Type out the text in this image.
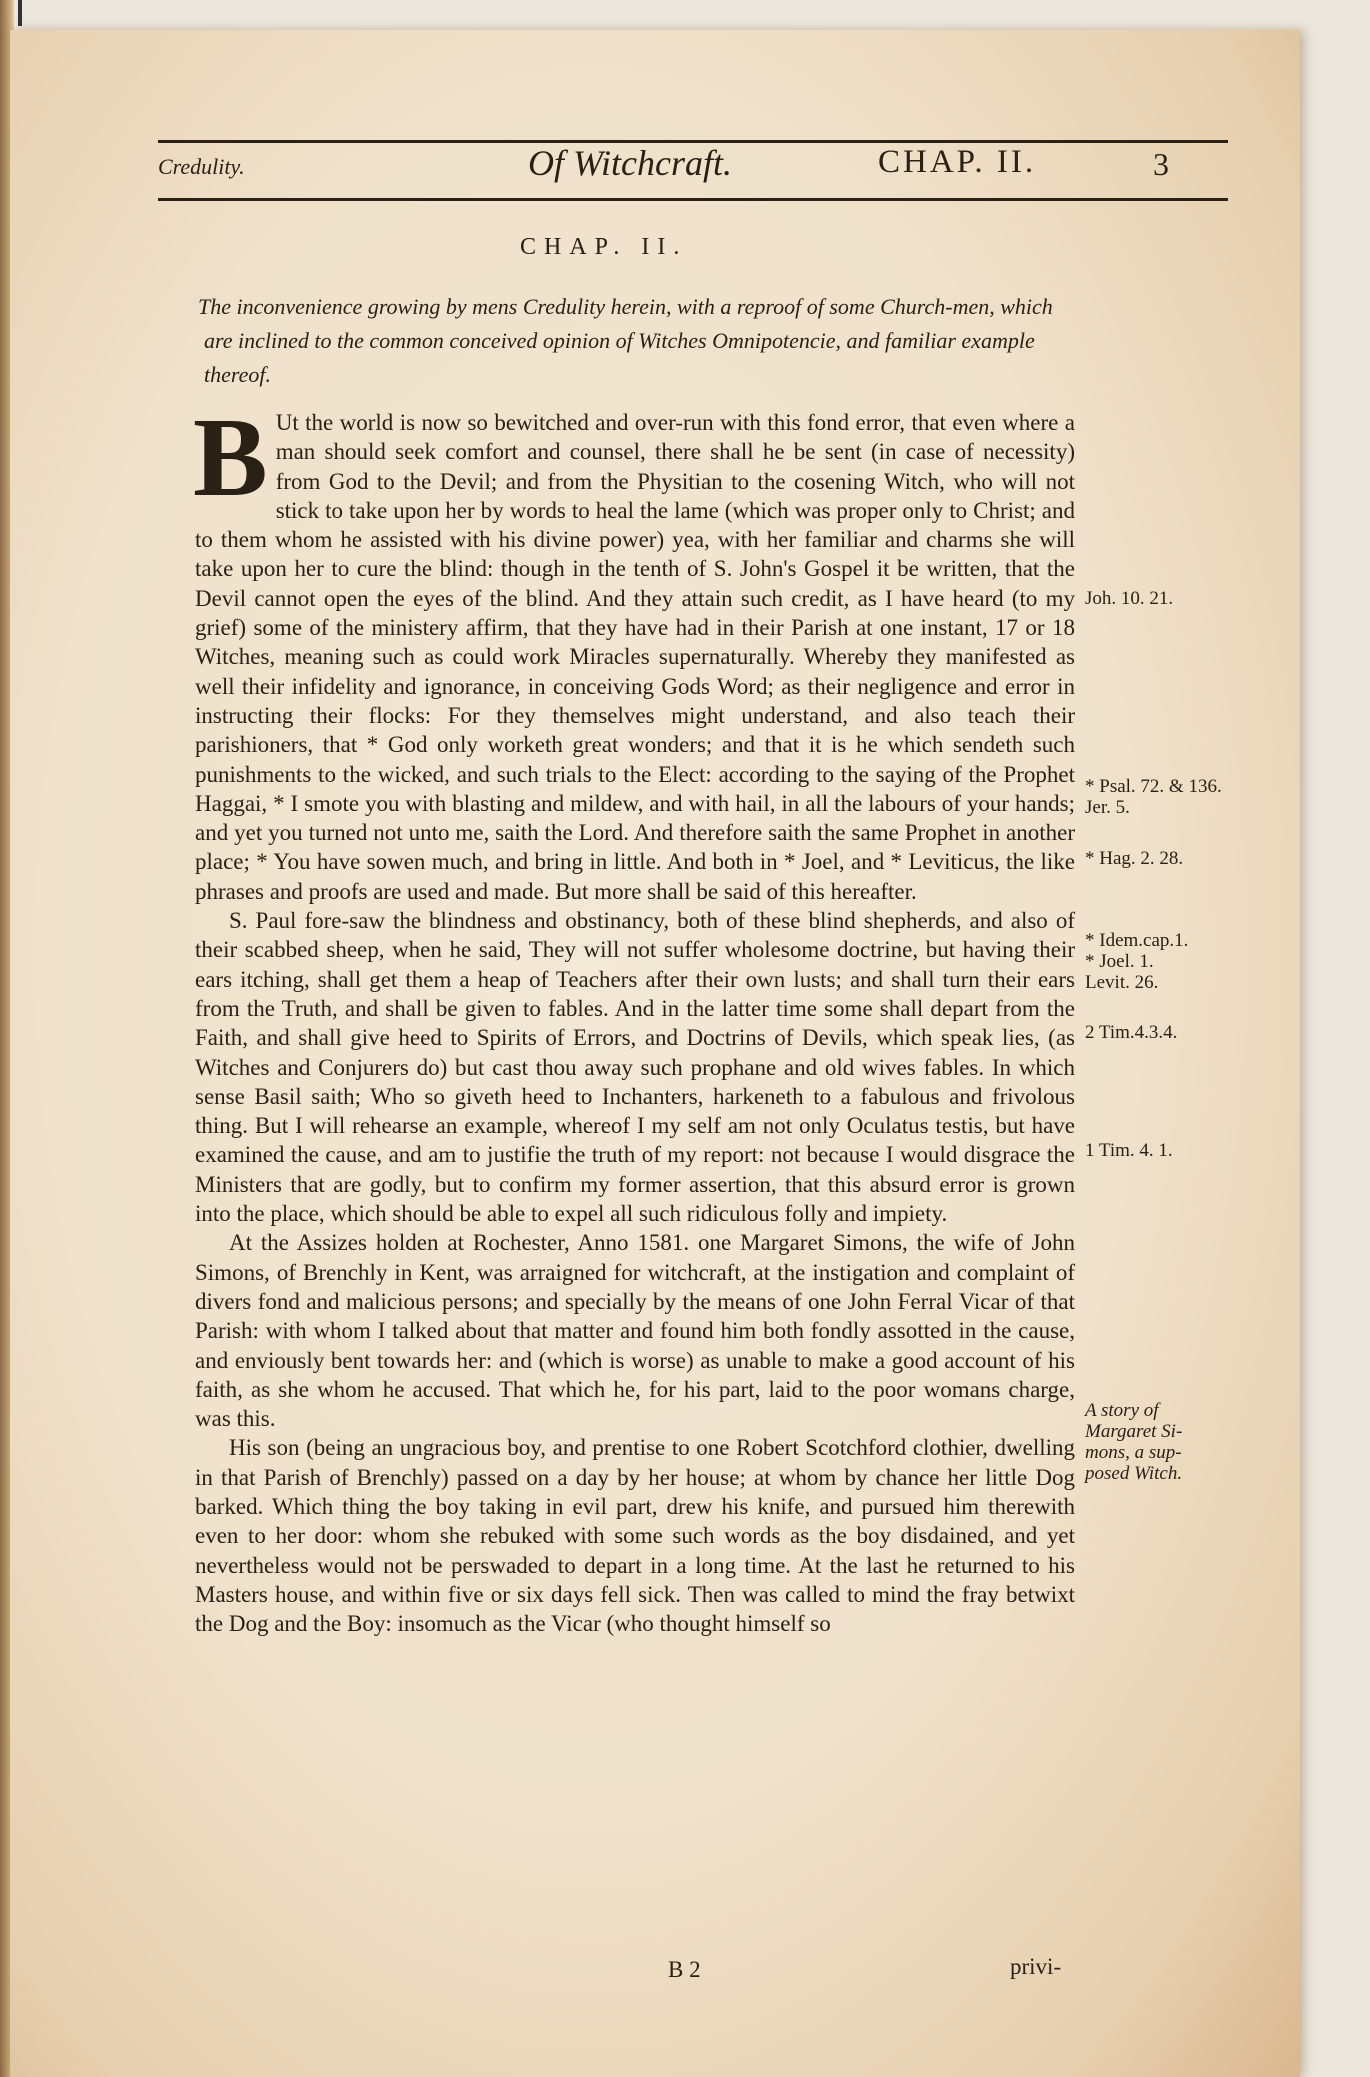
Credulity.	Of Witchcraft.	CHAP. II.	3
CHAP. II.
The inconvenience growing by mens Credulity herein, with a reproof of some Church-men, which are inclined to the common conceived opinion of Witches Omnipotencie, and familiar example thereof.

B Ut the world is now so bewitched and over-run with this fond error, that even where a man should seek comfort and counsel, there shall he be sent (in case of necessity) from God to the Devil; and from the Physitian to the cosening Witch, who will not stick to take upon her by words to heal the lame (which was proper only to Christ; and to them whom he assisted with his divine power) yea, with her familiar and charms she will take upon her to cure the blind: though in the tenth of S. John's Gospel it be written, that the Devil cannot open the eyes of the blind. And they attain such credit, as I have heard (to my grief) some of the ministery affirm, that they have had in their Parish at one instant, 17 or 18 Witches, meaning such as could work Miracles supernaturally. Whereby they manifested as well their infidelity and ignorance, in conceiving Gods Word; as their negligence and error in instructing their flocks: For they themselves might understand, and also teach their parishioners, that * God only worketh great wonders; and that it is he which sendeth such punishments to the wicked, and such trials to the Elect: according to the saying of the Prophet Haggai, * I smote you with blasting and mildew, and with hail, in all the labours of your hands; and yet you turned not unto me, saith the Lord. And therefore saith the same Prophet in another place; * You have sowen much, and bring in little. And both in * Joel, and * Leviticus, the like phrases and proofs are used and made. But more shall be said of this hereafter.

S. Paul fore-saw the blindness and obstinancy, both of these blind shepherds, and also of their scabbed sheep, when he said, They will not suffer wholesome doctrine, but having their ears itching, shall get them a heap of Teachers after their own lusts; and shall turn their ears from the Truth, and shall be given to fables. And in the latter time some shall depart from the Faith, and shall give heed to Spirits of Errors, and Doctrins of Devils, which speak lies, (as Witches and Conjurers do) but cast thou away such prophane and old wives fables. In which sense Basil saith; Who so giveth heed to Inchanters, harkeneth to a fabulous and frivolous thing. But I will rehearse an example, whereof I my self am not only Oculatus testis, but have examined the cause, and am to justifie the truth of my report: not because I would disgrace the Ministers that are godly, but to confirm my former assertion, that this absurd error is grown into the place, which should be able to expel all such ridiculous folly and impiety.

At the Assizes holden at Rochester, Anno 1581. one Margaret Simons, the wife of John Simons, of Brenchly in Kent, was arraigned for witchcraft, at the instigation and complaint of divers fond and malicious persons; and specially by the means of one John Ferral Vicar of that Parish: with whom I talked about that matter and found him both fondly assotted in the cause, and enviously bent towards her: and (which is worse) as unable to make a good account of his faith, as she whom he accused. That which he, for his part, laid to the poor womans charge, was this.

His son (being an ungracious boy, and prentise to one Robert Scotchford clothier, dwelling in that Parish of Brenchly) passed on a day by her house; at whom by chance her little Dog barked. Which thing the boy taking in evil part, drew his knife, and pursued him therewith even to her door: whom she rebuked with some such words as the boy disdained, and yet nevertheless would not be perswaded to depart in a long time. At the last he returned to his Masters house, and within five or six days fell sick. Then was called to mind the fray betwixt the Dog and the Boy: insomuch as the Vicar (who thought himself so

Joh. 10. 21.
* Psal. 72. & 136.
Jer. 5.
* Hag. 2. 28.
* Idem.cap.1.
* Joel. 1.
Levit. 26.
2 Tim.4.3.4.
1 Tim. 4. 1.
A story of
Margaret Si-
mons, a sup-
posed Witch.
B 2	privi-
